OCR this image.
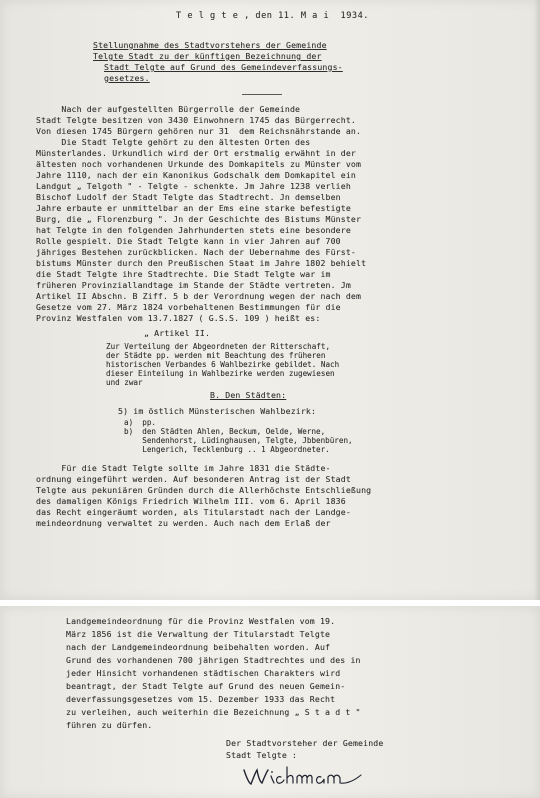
T e l g t e , den 11. M a i  1934.
Stellungnahme des Stadtvorstehers der Gemeinde
Telgte Stadt zu der künftigen Bezeichnung der
Stadt Telgte auf Grund des Gemeindeverfassungs-
gesetzes.
Nach der aufgestellten Bürgerrolle der Gemeinde
Stadt Telgte besitzen von 3430 Einwohnern 1745 das Bürgerrecht.
Von diesen 1745 Bürgern gehören nur 31  dem Reichsnährstande an.
Die Stadt Telgte gehört zu den ältesten Orten des
Münsterlandes. Urkundlich wird der Ort erstmalig erwähnt in der
ältesten noch vorhandenen Urkunde des Domkapitels zu Münster vom
Jahre 1110, nach der ein Kanonikus Godschalk dem Domkapitel ein
Landgut „ Telgoth " - Telgte - schenkte. Jm Jahre 1238 verlieh
Bischof Ludolf der Stadt Telgte das Stadtrecht. Jn demselben
Jahre erbaute er unmittelbar an der Ems eine starke befestigte
Burg, die „ Florenzburg ". Jn der Geschichte des Bistums Münster
hat Telgte in den folgenden Jahrhunderten stets eine besondere
Rolle gespielt. Die Stadt Telgte kann in vier Jahren auf 700
jähriges Bestehen zurückblicken. Nach der Uebernahme des Fürst-
bistums Münster durch den Preußischen Staat im Jahre 1802 behielt
die Stadt Telgte ihre Stadtrechte. Die Stadt Telgte war im
früheren Provinziallandtage im Stande der Städte vertreten. Jm
Artikel II Abschn. B Ziff. 5 b der Verordnung wegen der nach dem
Gesetze vom 27. März 1824 vorbehaltenen Bestimmungen für die
Provinz Westfalen vom 13.7.1827 ( G.S.S. 109 ) heißt es:
„ Artikel II.
Zur Verteilung der Abgeordneten der Ritterschaft,
der Städte pp. werden mit Beachtung des früheren
historischen Verbandes 6 Wahlbezirke gebildet. Nach
dieser Einteilung in Wahlbezirke werden zugewiesen
und zwar
B. Den Städten:
5) im östlich Münsterischen Wahlbezirk:
a)  pp.
b)  den Städten Ahlen, Beckum, Oelde, Werne,
Sendenhorst, Lüdinghausen, Telgte, Jbbenbüren,
Lengerich, Tecklenburg .. 1 Abgeordneter.
Für die Stadt Telgte sollte im Jahre 1831 die Städte-
ordnung eingeführt werden. Auf besonderen Antrag ist der Stadt
Telgte aus pekuniären Gründen durch die Allerhöchste Entschließung
des damaligen Königs Friedrich Wilhelm III. vom 6. April 1836
das Recht eingeräumt worden, als Titularstadt nach der Landge-
meindeordnung verwaltet zu werden. Auch nach dem Erlaß der
Landgemeindeordnung für die Provinz Westfalen vom 19.
März 1856 ist die Verwaltung der Titularstadt Telgte
nach der Landgemeindeordnung beibehalten worden. Auf
Grund des vorhandenen 700 jährigen Stadtrechtes und des in
jeder Hinsicht vorhandenen städtischen Charakters wird
beantragt, der Stadt Telgte auf Grund des neuen Gemein-
deverfassungsgesetzes vom 15. Dezember 1933 das Recht
zu verleihen, auch weiterhin die Bezeichnung „ S t a d t "
führen zu dürfen.
Der Stadtvorsteher der Gemeinde
Stadt Telgte :
